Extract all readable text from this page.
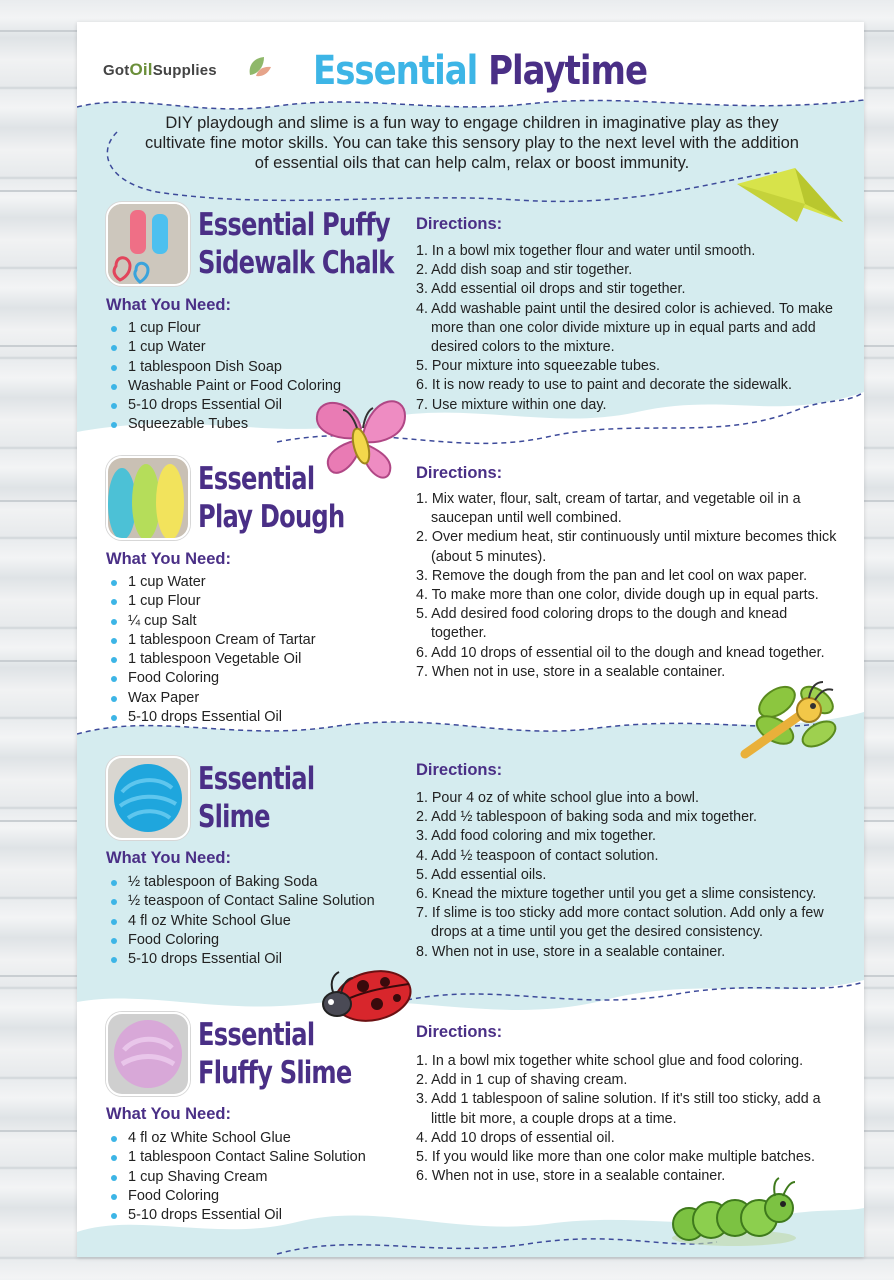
GotOilSupplies Essential Playtime
DIY playdough and slime is a fun way to engage children in imaginative play as they cultivate fine motor skills. You can take this sensory play to the next level with the addition of essential oils that can help calm, relax or boost immunity.
Essential Puffy
Sidewalk Chalk
What You Need:
1 cup Flour
1 cup Water
1 tablespoon Dish Soap
Washable Paint or Food Coloring
5-10 drops Essential Oil
Squeezable Tubes
Directions:
1. In a bowl mix together flour and water until smooth.
2. Add dish soap and stir together.
3. Add essential oil drops and stir together.
4. Add washable paint until the desired color is achieved. To make more than one color divide mixture up in equal parts and add desired colors to the mixture.
5. Pour mixture into squeezable tubes.
6. It is now ready to use to paint and decorate the sidewalk.
7. Use mixture within one day.
Essential
Play Dough
What You Need:
1 cup Water
1 cup Flour
¼ cup Salt
1 tablespoon Cream of Tartar
1 tablespoon Vegetable Oil
Food Coloring
Wax Paper
5-10 drops Essential Oil
Directions:
1. Mix water, flour, salt, cream of tartar, and vegetable oil in a saucepan until well combined.
2. Over medium heat, stir continuously until mixture becomes thick (about 5 minutes).
3. Remove the dough from the pan and let cool on wax paper.
4. To make more than one color, divide dough up in equal parts.
5. Add desired food coloring drops to the dough and knead together.
6. Add 10 drops of essential oil to the dough and knead together.
7. When not in use, store in a sealable container.
Essential
Slime
What You Need:
½ tablespoon of Baking Soda
½ teaspoon of Contact Saline Solution
4 fl oz White School Glue
Food Coloring
5-10 drops Essential Oil
Directions:
1. Pour 4 oz of white school glue into a bowl.
2. Add ½ tablespoon of baking soda and mix together.
3. Add food coloring and mix together.
4. Add ½ teaspoon of contact solution.
5. Add essential oils.
6. Knead the mixture together until you get a slime consistency.
7. If slime is too sticky add more contact solution. Add only a few drops at a time until you get the desired consistency.
8. When not in use, store in a sealable container.
Essential
Fluffy Slime
What You Need:
4 fl oz White School Glue
1 tablespoon Contact Saline Solution
1 cup Shaving Cream
Food Coloring
5-10 drops Essential Oil
Directions:
1. In a bowl mix together white school glue and food coloring.
2. Add in 1 cup of shaving cream.
3. Add 1 tablespoon of saline solution. If it's still too sticky, add a little bit more, a couple drops at a time.
4. Add 10 drops of essential oil.
5. If you would like more than one color make multiple batches.
6. When not in use, store in a sealable container.
